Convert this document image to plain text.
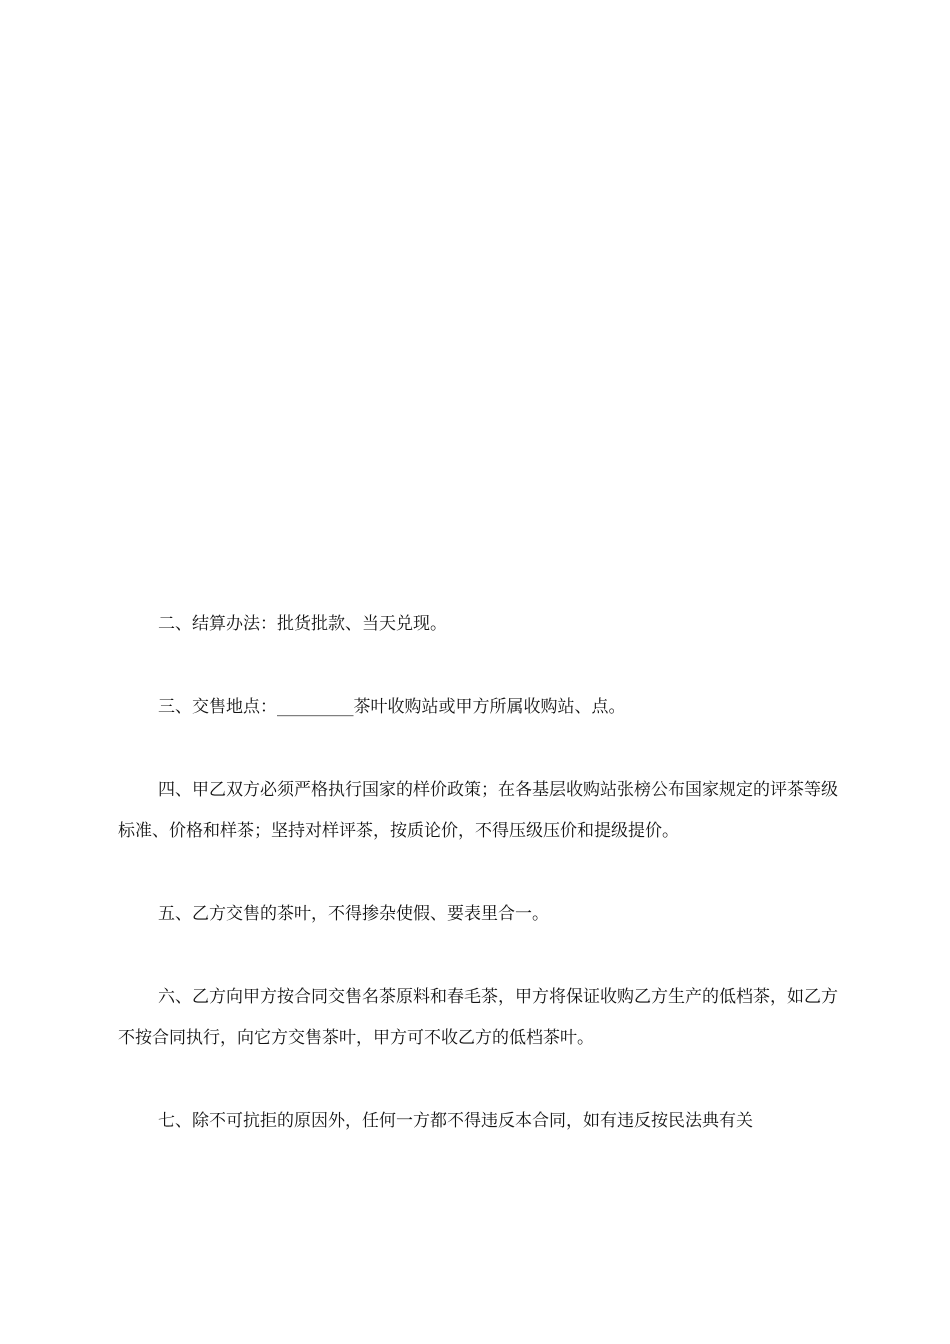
二、结算办法：批货批款、当天兑现。

三、交售地点：_________茶叶收购站或甲方所属收购站、点。

四、甲乙双方必须严格执行国家的样价政策；在各基层收购站张榜公布国家规定的评茶等级标准、价格和样茶；坚持对样评茶，按质论价，不得压级压价和提级提价。

五、乙方交售的茶叶，不得掺杂使假、要表里合一。

六、乙方向甲方按合同交售名茶原料和春毛茶，甲方将保证收购乙方生产的低档茶，如乙方不按合同执行，向它方交售茶叶，甲方可不收乙方的低档茶叶。

七、除不可抗拒的原因外，任何一方都不得违反本合同，如有违反按民法典有关
